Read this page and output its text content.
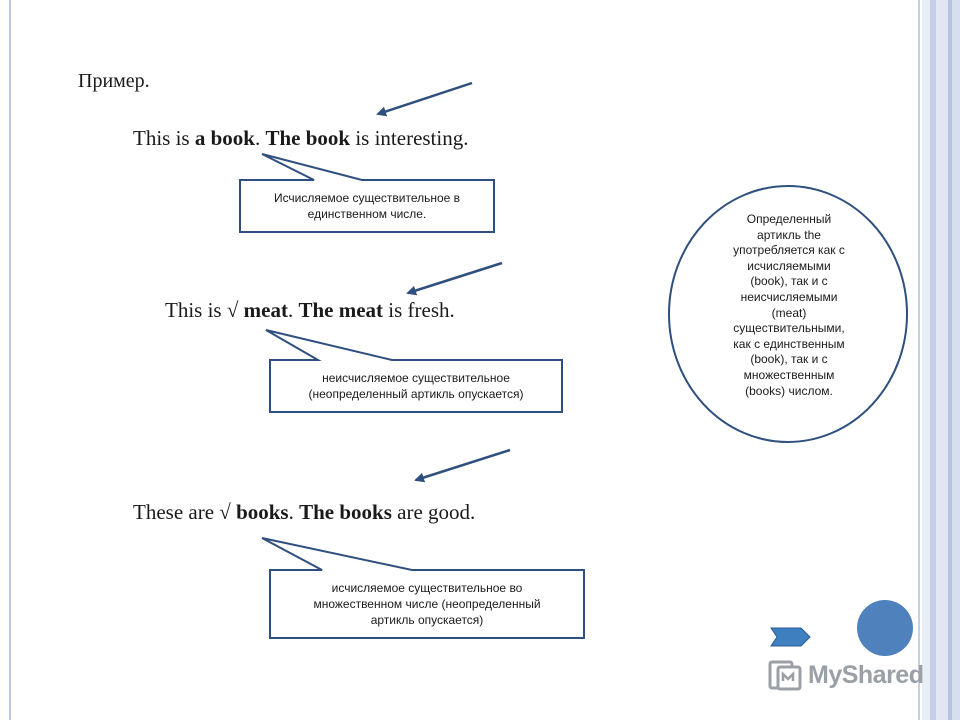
Пример.
This is a book. The book is interesting.
This is √ meat. The meat is fresh.
These are √ books. The books are good.
Исчисляемое существительное в
единственном числе.
неисчисляемое существительное
(неопределенный артикль опускается)
исчисляемое существительное во
множественном числе (неопределенный
артикль опускается)
Определенный
артикль the
употребляется как с
исчисляемыми
(book), так и с
неисчисляемыми
(meat)
существительными,
как с единственным
(book), так и с
множественным
(books) числом.
MyShared
